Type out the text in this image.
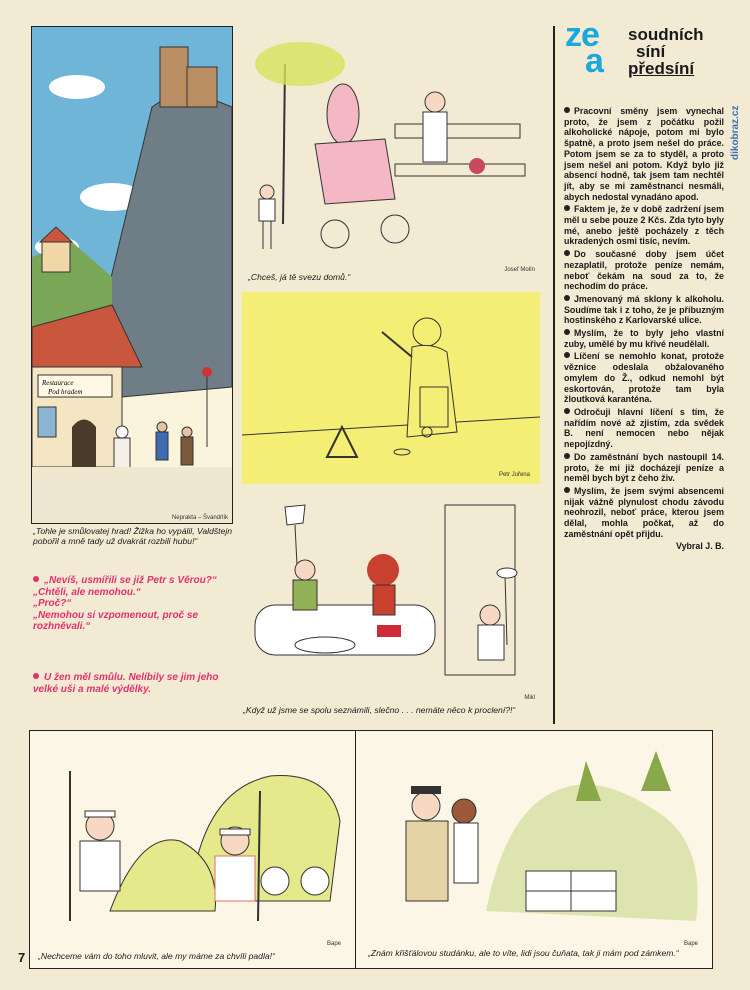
ze
a
soudních
síní
předsíní
dikobraz.cz
Restaurace
Pod hradem
Neprakta – Švandrlík
„Tohle je smůlovatej hrad! Žižka ho vypálil, Valdštejn pobořil a mně tady už dvakrát rozbili hubu!“

„Nevíš, usmířili se již Petr s Věrou?“

„Chtěli, ale nemohou.“

„Proč?“

„Nemohou si vzpomenout, proč se rozhněvali.“

U žen měl smůlu. Nelíbily se jim jeho velké uši a malé výdělky.

Josef Molín
„Chceš, já tě svezu domů.“
Petr Juřena
Mikl
„Když už jsme se spolu seznámili, slečno . . . nemáte něco k proclení?!“

Pracovní směny jsem vynechal proto, že jsem z počátku požil alkoholické nápoje, potom mi bylo špatně, a proto jsem nešel do práce. Potom jsem se za to styděl, a proto jsem nešel ani potom. Když bylo již absencí hodně, tak jsem tam nechtěl jít, aby se mi zaměstnanci nesmáli, abych nedostal vynadáno apod.

Faktem je, že v době zadržení jsem měl u sebe pouze 2 Kčs. Zda tyto byly mé, anebo ještě pocházely z těch ukradených osmi tisíc, nevím.

Do současné doby jsem účet nezaplatil, protože peníze nemám, neboť čekám na soud za to, že nechodím do práce.

Jmenovaný má sklony k alkoholu. Soudíme tak i z toho, že je příbuzným hostinského z Karlovarské ulice.

Myslím, že to byly jeho vlastní zuby, umělé by mu křivé neudělali.

Líčení se nemohlo konat, protože věznice odeslala obžalovaného omylem do Ž., odkud nemohl být eskortován, protože tam byla žloutková karanténa.

Odročuji hlavní líčení s tím, že nařídím nové až zjistím, zda svědek B. není nemocen nebo nějak nepojízdný.

Do zaměstnání bych nastoupil 14. proto, že mi již docházejí peníze a neměl bych být z čeho živ.

Myslím, že jsem svými absencemi nijak vážně plynulost chodu závodu neohrozil, neboť práce, kterou jsem dělal, mohla počkat, až do zaměstnání opět přijdu.

Vybral J. B.

Bape
„Nechceme vám do toho mluvit, ale my máme za chvíli padla!“
Bape
„Znám křišťálovou studánku, ale to víte, lidi jsou čuňata, tak ji mám pod zámkem.“
7
